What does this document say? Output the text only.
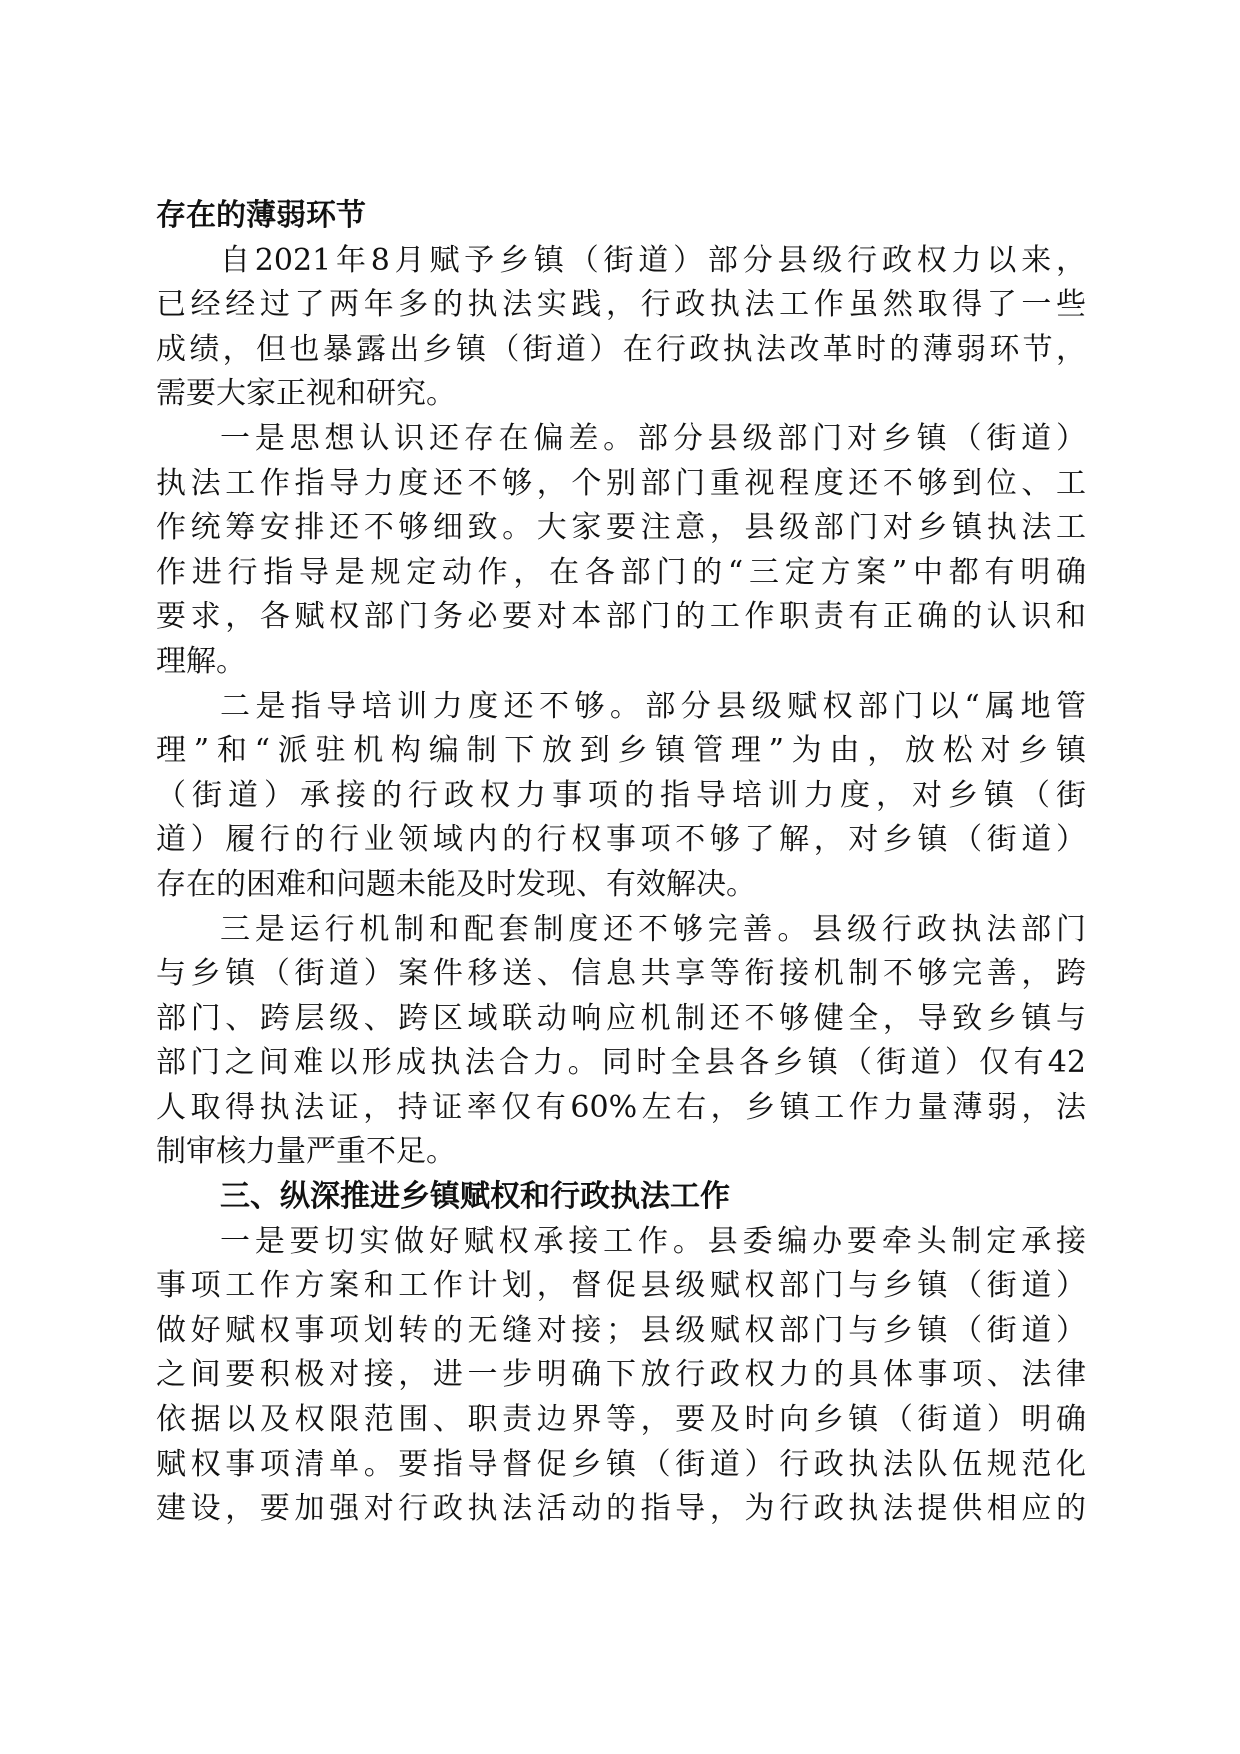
存在的薄弱环节
自2021年8月赋予乡镇（街道）部分县级行政权力以来，
已经经过了两年多的执法实践，行政执法工作虽然取得了一些
成绩，但也暴露出乡镇（街道）在行政执法改革时的薄弱环节，
需要大家正视和研究。
一是思想认识还存在偏差。部分县级部门对乡镇（街道）
执法工作指导力度还不够，个别部门重视程度还不够到位、工
作统筹安排还不够细致。大家要注意，县级部门对乡镇执法工
作进行指导是规定动作，在各部门的“三定方案”中都有明确
要求，各赋权部门务必要对本部门的工作职责有正确的认识和
理解。
二是指导培训力度还不够。部分县级赋权部门以“属地管
理”和“派驻机构编制下放到乡镇管理”为由，放松对乡镇
（街道）承接的行政权力事项的指导培训力度，对乡镇（街
道）履行的行业领域内的行权事项不够了解，对乡镇（街道）
存在的困难和问题未能及时发现、有效解决。
三是运行机制和配套制度还不够完善。县级行政执法部门
与乡镇（街道）案件移送、信息共享等衔接机制不够完善，跨
部门、跨层级、跨区域联动响应机制还不够健全，导致乡镇与
部门之间难以形成执法合力。同时全县各乡镇（街道）仅有42
人取得执法证，持证率仅有60%左右，乡镇工作力量薄弱，法
制审核力量严重不足。
三、纵深推进乡镇赋权和行政执法工作
一是要切实做好赋权承接工作。县委编办要牵头制定承接
事项工作方案和工作计划，督促县级赋权部门与乡镇（街道）
做好赋权事项划转的无缝对接；县级赋权部门与乡镇（街道）
之间要积极对接，进一步明确下放行政权力的具体事项、法律
依据以及权限范围、职责边界等，要及时向乡镇（街道）明确
赋权事项清单。要指导督促乡镇（街道）行政执法队伍规范化
建设，要加强对行政执法活动的指导，为行政执法提供相应的
